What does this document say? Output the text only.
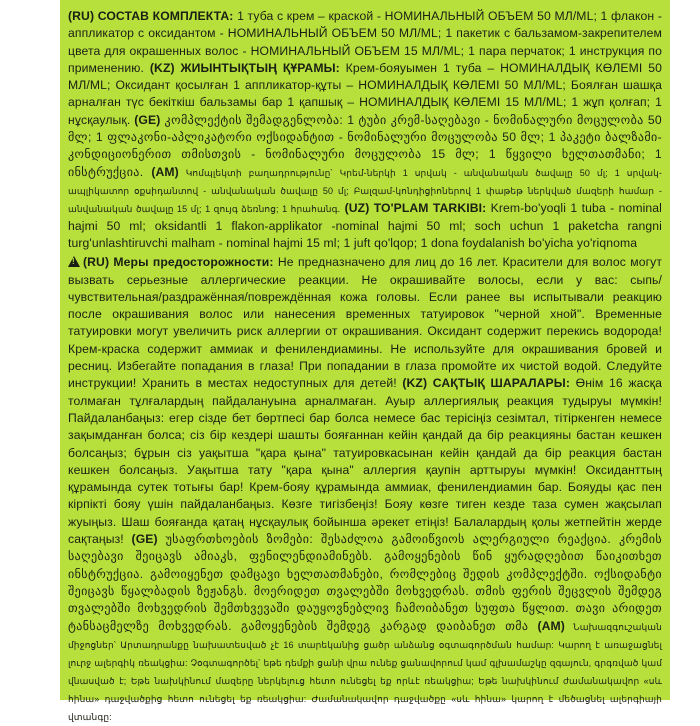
(RU) СОСТАВ КОМПЛЕКТА: 1 туба с крем – краской - НОМИНАЛЬНЫЙ ОБЪЕМ 50 МЛ/ML; 1 флакон - аппликатор с оксидантом - НОМИНАЛЬНЫЙ ОБЪЕМ 50 МЛ/ML; 1 пакетик с бальзамом-закрепителем цвета для окрашенных волос - НОМИНАЛЬНЫЙ ОБЪЕМ 15 МЛ/ML; 1 пара перчаток; 1 инструкция по применению. (KZ) ЖИЫНТЫҚТЫҢ ҚҰРАМЫ: Крем-бояуымен 1 туба – НОМИНАЛДЫҚ КӨЛЕМІ 50 МЛ/ML; Оксидант қосылған 1 аппликатор-құты – НОМИНАЛДЫҚ КӨЛЕМІ 50 МЛ/ML; Боялған шашқа арналған түс бекіткіш бальзамы бар 1 қапшық – НОМИНАЛДЫҚ КӨЛЕМІ 15 МЛ/ML; 1 жұп қолғап; 1 нұсқаулық. (GE) კომპლექტის შემადგენლობა: 1 ტუბი კრემ-საღებავი - ნომინალური მოცულობა 50 მლ; 1 ფლაკონი-აპლიკატორი ოქსიდანტით - ნომინალური მოცულობა 50 მლ; 1 პაკეტი ბალზამი-კონდიციონერით თმისთვის - ნომინალური მოცულობა 15 მლ; 1 წყვილი ხელთათმანი; 1 ინსტრუქცია. (AM) Կոմպլեկտի բաղադրությունը՝ Կրեմ-ներկի 1 սրվակ - անվանական ծավալը 50 մլ; 1 սրվակ-ապլիկատոր օքսիդանտով - անվանական ծավալը 50 մլ; Բալզամ-կոնդիցիոներով 1 փաթեթ ներկված մազերի համար - անվանական ծավալը 15 մլ; 1 զույգ ձեռնոց; 1 հրահանգ. (UZ) TO'PLAM TARKIBI: Krem-bo'yoqli 1 tuba - nominal hajmi 50 ml; oksidantli 1 flakon-applikator -nominal hajmi 50 ml; soch uchun 1 paketcha rangni turg'unlashtiruvchi malham - nominal hajmi 15 ml; 1 juft qo'lqop; 1 dona foydalanish bo'yicha yo'riqnoma

!(RU) Меры предосторожности: Не предназначено для лиц до 16 лет. Красители для волос могут вызвать серьезные аллергические реакции. Не окрашивайте волосы, если у вас: сыпь/ чувствительная/раздражённая/повреждённая кожа головы. Если ранее вы испытывали реакцию после окрашивания волос или нанесения временных татуировок "черной хной". Временные татуировки могут увеличить риск аллергии от окрашивания. Оксидант содержит перекись водорода! Крем-краска содержит аммиак и фенилендиамины. Не используйте для окрашивания бровей и ресниц. Избегайте попадания в глаза! При попадании в глаза промойте их чистой водой. Следуйте инструкции! Хранить в местах недоступных для детей! (KZ) САҚТЫҚ ШАРАЛАРЫ: Өнім 16 жасқа толмаған тұлғалардың пайдалануына арналмаған. Ауыр аллергиялық реакция тудыруы мүмкін! Пайдаланбаңыз: егер сізде бет бөртпесі бар болса немесе бас терісіңіз сезімтал, тітіркенген немесе зақымданған болса; сіз бір кездері шашты бояғаннан кейін қандай да бір реакцияны бастан кешкен болсаңыз; бұрын сіз уақытша "қара қына" татуировкасынан кейін қандай да бір реакция бастан кешкен болсаңыз. Уақытша тату "қара қына" аллергия қаупін арттыруы мүмкін! Оксиданттың құрамында сутек тотығы бар! Крем-бояу құрамында аммиак, фенилендиамин бар. Бояуды қас пен кірпікті бояу үшін пайдаланбаңыз. Көзге тигізбеңіз! Бояу көзге тиген кезде таза сумен жақсылап жуыңыз. Шаш бояғанда қатаң нұсқаулық бойынша әрекет етіңіз! Балалардың қолы жетпейтін жерде сақтаңыз! (GE) უსაფრთხოების ზომები: შესაძლოა გამოიწვიოს ალერგიული რეაქცია. კრემის საღებავი შეიცავს ამიაკს, ფენილენდიამინებს. გამოყენების წინ ყურადღებით წაიკითხეთ ინსტრუქცია. გამოიყენეთ დამცავი ხელთათმანები, რომლებიც შედის კომპლექტში. ოქსიდანტი შეიცავს წყალბადის ზეჟანგს. მოერიდეთ თვალებში მოხვედრას. თმის ფერის შეცვლის შემდეგ თვალებში მოხვედრის შემთხვევაში დაუყოვნებლივ ჩამოიბანეთ სუფთა წყლით. თავი არიდეთ ტანსაცმელზე მოხვედრას. გამოყენების შემდეგ კარგად დაიბანეთ თმა (AM) Նախազգուշական միջոցներ՝ Արտադրանքը նախատեսված չէ 16 տարեկանից ցածր անձանց օգտագործման համար: Կարող է առաջացնել լուրջ ալերգիկ ռեակցիա: Չօգտագործել՝ եթե դեմքի ցանի վրա ունեք ցանավորում կամ գլխամաշկը զգայուն, գրգռված կամ վնասված է; Եթե նախկինում մազերը ներկելուց հետո ունեցել եք որևէ ռեակցիա; Եթե նախկինում ժամանակավոր «սև հինա» դաջվածքից հետո ունեցել եք ռեակցիա: Ժամանակավոր դաջվածքը «սև հինա» կարող է մեծացնել ալերգիայի վտանգը:
